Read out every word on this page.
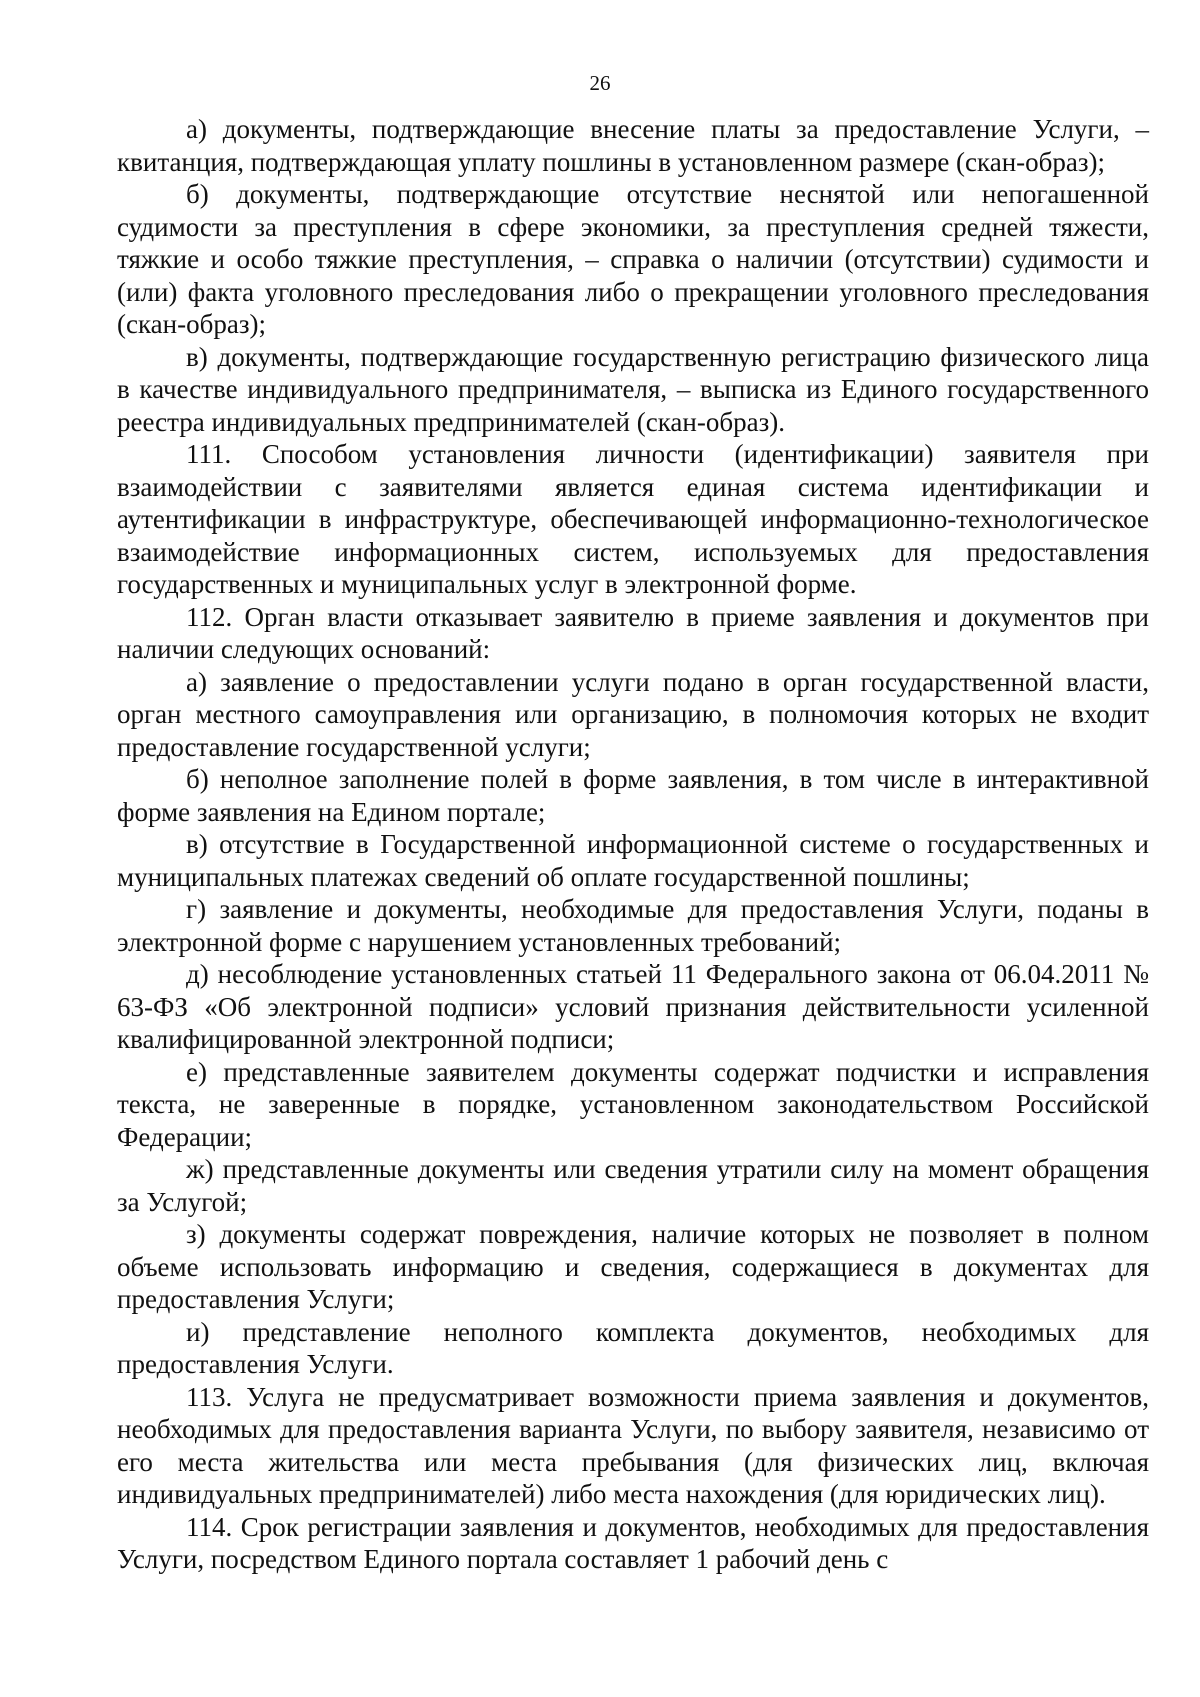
26

а) документы, подтверждающие внесение платы за предоставление Услуги, – квитанция, подтверждающая уплату пошлины в установленном размере (скан-образ);

б) документы, подтверждающие отсутствие неснятой или непогашенной судимости за преступления в сфере экономики, за преступления средней тяжести, тяжкие и особо тяжкие преступления, – справка о наличии (отсутствии) судимости и (или) факта уголовного преследования либо о прекращении уголовного преследования (скан-образ);

в) документы, подтверждающие государственную регистрацию физического лица в качестве индивидуального предпринимателя, – выписка из Единого государственного реестра индивидуальных предпринимателей (скан-образ).

111. Способом установления личности (идентификации) заявителя при взаимодействии с заявителями является единая система идентификации и аутентификации в инфраструктуре, обеспечивающей информационно-технологическое взаимодействие информационных систем, используемых для предоставления государственных и муниципальных услуг в электронной форме.

112. Орган власти отказывает заявителю в приеме заявления и документов при наличии следующих оснований:

а) заявление о предоставлении услуги подано в орган государственной власти, орган местного самоуправления или организацию, в полномочия которых не входит предоставление государственной услуги;

б) неполное заполнение полей в форме заявления, в том числе в интерактивной форме заявления на Едином портале;

в) отсутствие в Государственной информационной системе о государственных и муниципальных платежах сведений об оплате государственной пошлины;

г) заявление и документы, необходимые для предоставления Услуги, поданы в электронной форме с нарушением установленных требований;

д) несоблюдение установленных статьей 11 Федерального закона от 06.04.2011 № 63-ФЗ «Об электронной подписи» условий признания действительности усиленной квалифицированной электронной подписи;

е) представленные заявителем документы содержат подчистки и исправления текста, не заверенные в порядке, установленном законодательством Российской Федерации;

ж) представленные документы или сведения утратили силу на момент обращения за Услугой;

з) документы содержат повреждения, наличие которых не позволяет в полном объеме использовать информацию и сведения, содержащиеся в документах для предоставления Услуги;

и) представление неполного комплекта документов, необходимых для предоставления Услуги.

113. Услуга не предусматривает возможности приема заявления и документов, необходимых для предоставления варианта Услуги, по выбору заявителя, независимо от его места жительства или места пребывания (для физических лиц, включая индивидуальных предпринимателей) либо места нахождения (для юридических лиц).

114. Срок регистрации заявления и документов, необходимых для предоставления Услуги, посредством Единого портала составляет 1 рабочий день с
